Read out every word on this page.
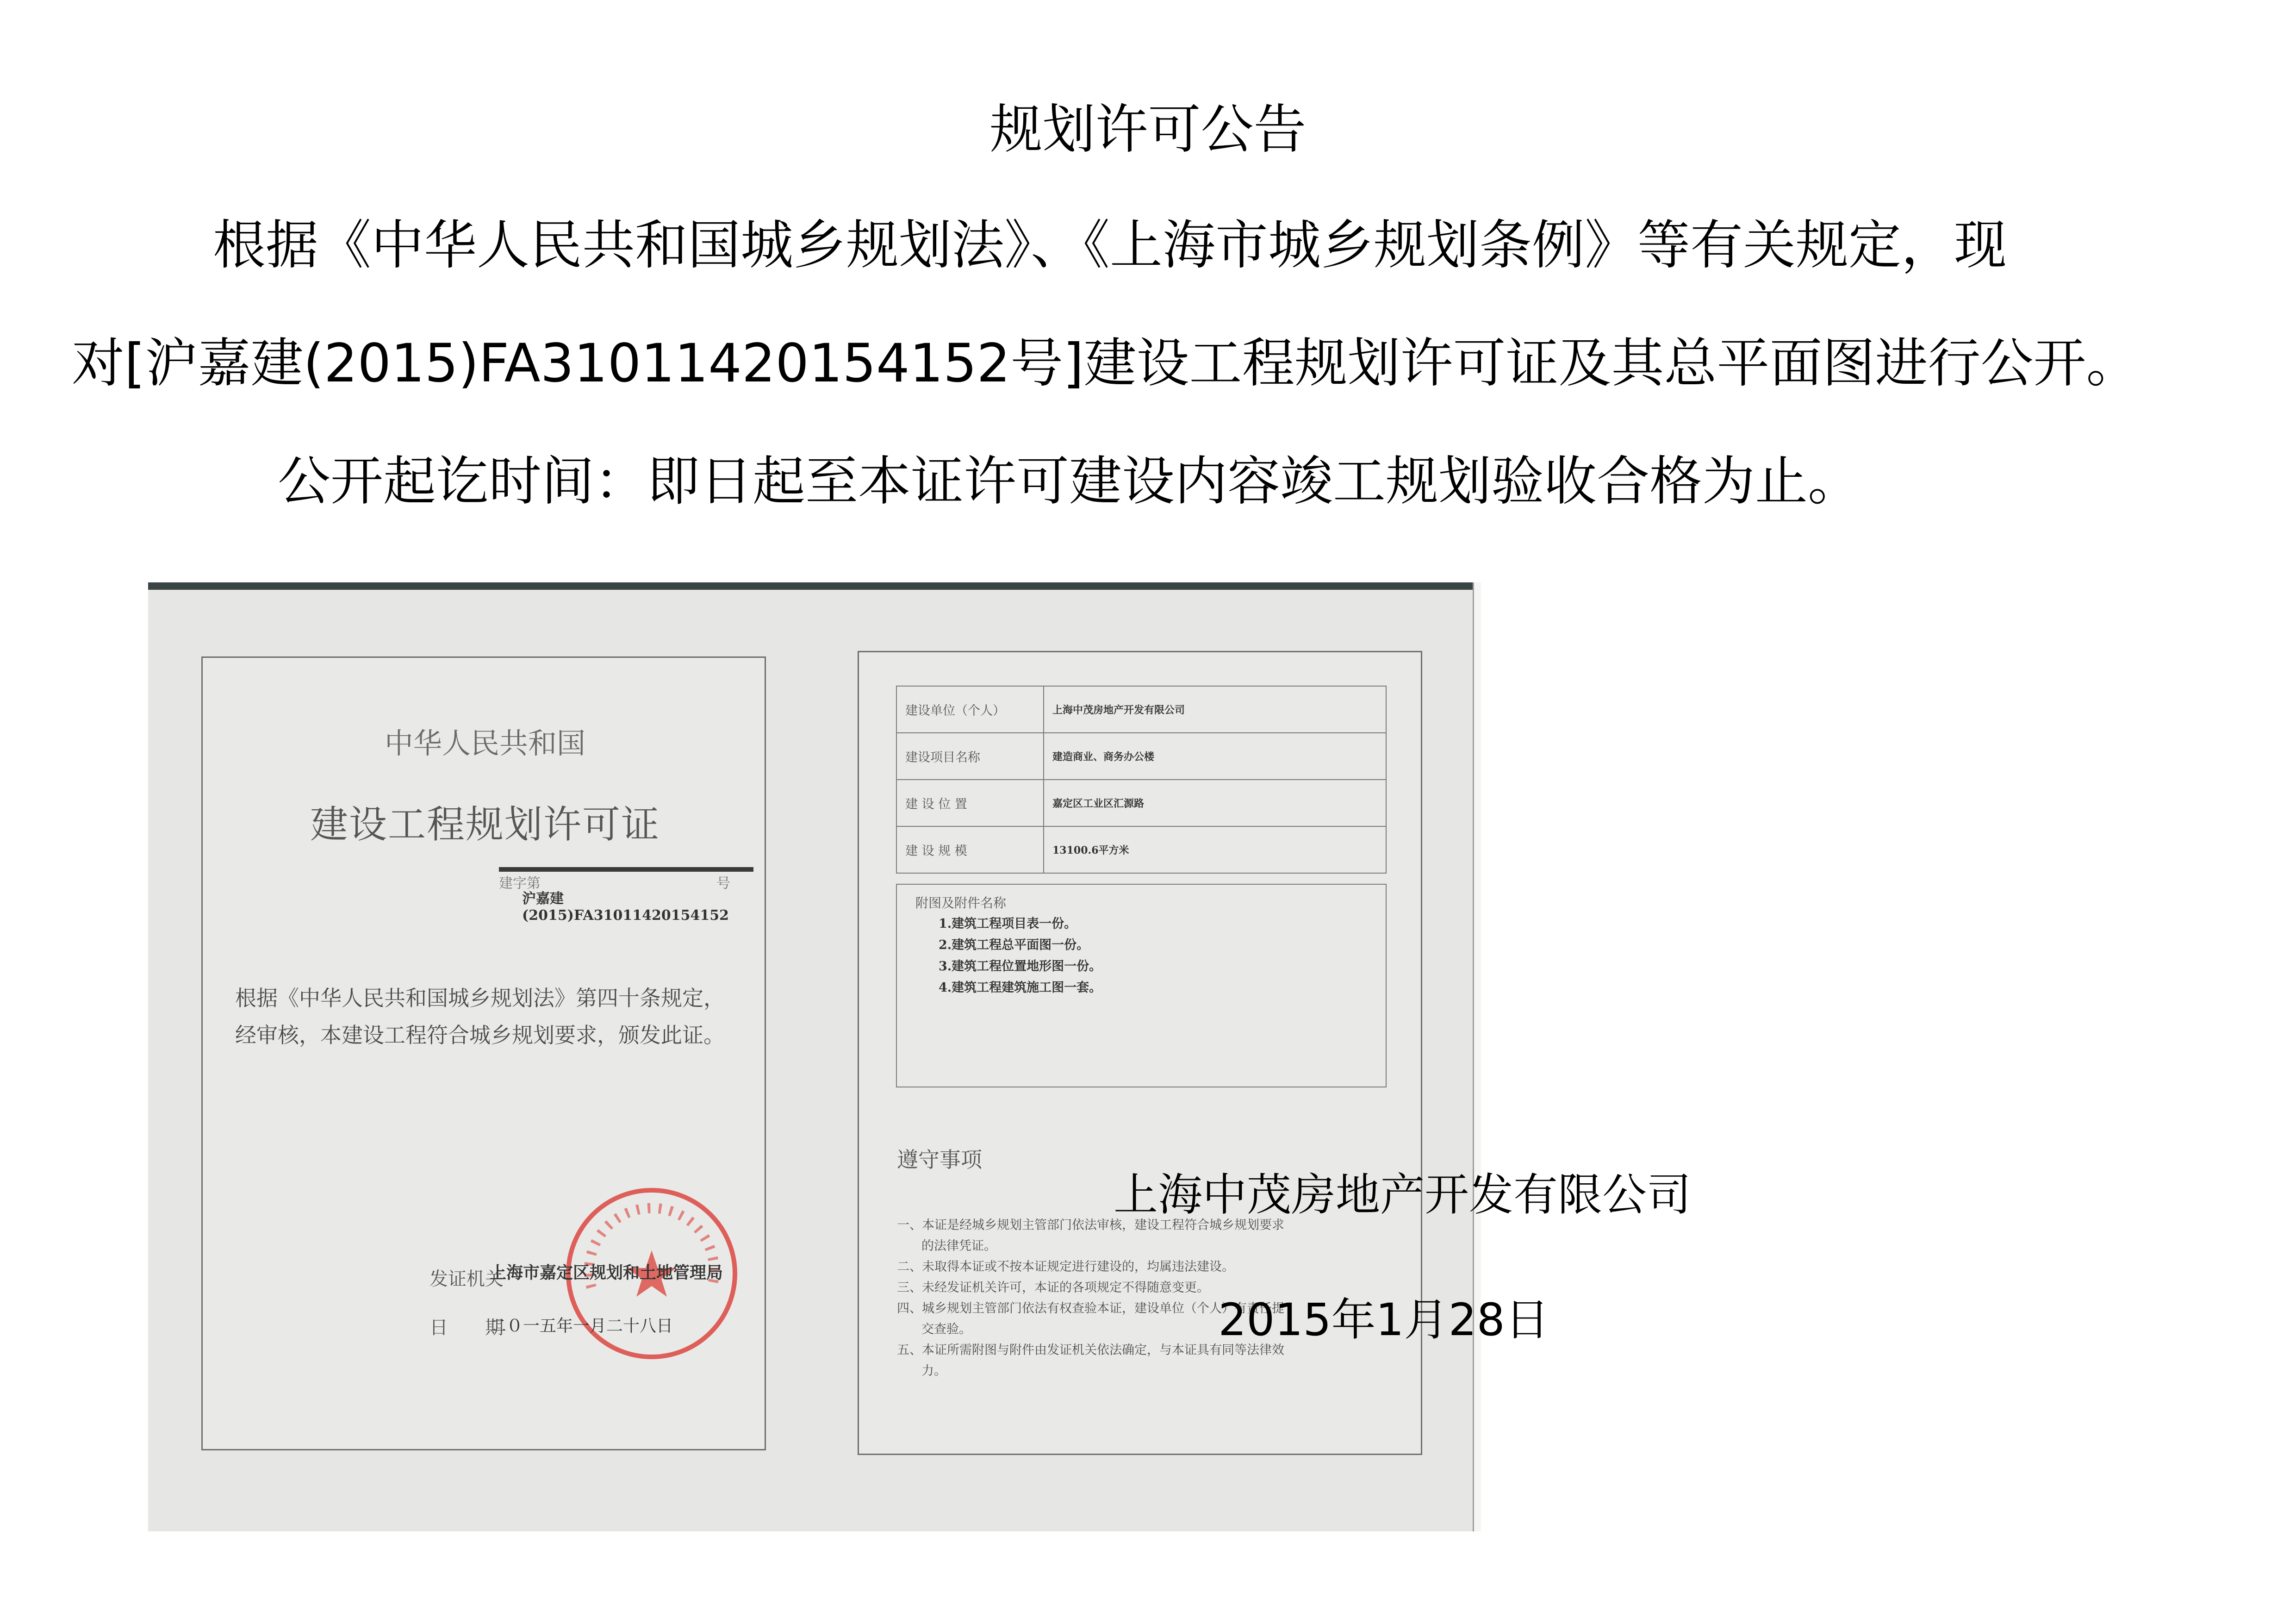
规划许可公告
根据《中华人民共和国城乡规划法》、《上海市城乡规划条例》等有关规定，现
对[沪嘉建(2015)FA31011420154152号]建设工程规划许可证及其总平面图进行公开。
公开起讫时间：即日起至本证许可建设内容竣工规划验收合格为止。
中华人民共和国
建设工程规划许可证
建字第	号
沪嘉建(2015)FA31011420154152
根据《中华人民共和国城乡规划法》第四十条规定，经审核，本建设工程符合城乡规划要求，颁发此证。
发证机关
上海市嘉定区规划和土地管理局
日　　期
二０一五年一月二十八日
建设单位（个人）	上海中茂房地产开发有限公司
建设项目名称	建造商业、商务办公楼
建 设 位 置	嘉定区工业区汇源路
建 设 规 模	13100.6平方米
附图及附件名称
1.建筑工程项目表一份。
2.建筑工程总平面图一份。
3.建筑工程位置地形图一份。
4.建筑工程建筑施工图一套。
遵守事项
一、本证是经城乡规划主管部门依法审核，建设工程符合城乡规划要求
的法律凭证。
二、未取得本证或不按本证规定进行建设的，均属违法建设。
三、未经发证机关许可，本证的各项规定不得随意变更。
四、城乡规划主管部门依法有权查验本证，建设单位（个人）有责任提
交查验。
五、本证所需附图与附件由发证机关依法确定，与本证具有同等法律效
力。
上海中茂房地产开发有限公司
2015年1月28日
